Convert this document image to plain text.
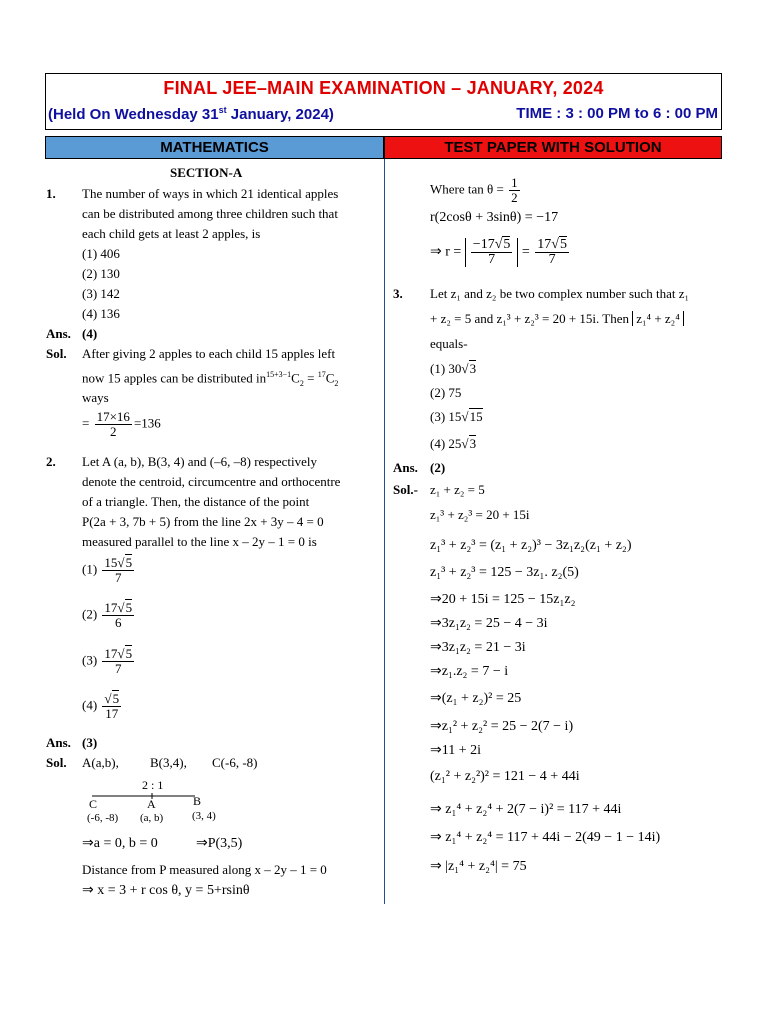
FINAL JEE–MAIN EXAMINATION – JANUARY, 2024
(Held On Wednesday 31st January, 2024)	TIME : 3 : 00 PM to 6 : 00 PM
MATHEMATICS	TEST PAPER WITH SOLUTION
SECTION-A
1. The number of ways in which 21 identical apples
can be distributed among three children such that
each child gets at least 2 apples, is
(1) 406
(2) 130
(3) 142
(4) 136
Ans. (4)
Sol. After giving 2 apples to each child 15 apples left
now 15 apples can be distributed $in^{15+3-1}C_2 = ^{17}C_2$
ways
= $\frac{17\times 16}{2} =136$
2. Let A (a, b), B(3, 4) and (–6, –8) respectively
denote the centroid, circumcentre and orthocentre
of a triangle. Then, the distance of the point
P(2a + 3, 7b + 5) from the line 2x + 3y – 4 = 0
measured parallel to the line x – 2y – 1 = 0 is
$(1) \frac{15√5}{7}$
$(2) \frac{17√5}{6}$
$(3) \frac{17√5}{7}$
$(4) \frac{√5}{17}$
Ans. (3)
Sol. A(a,b), B(3,4), C(-6, -8)
2 : 1
C	A	B
(-6, -8) (a, b)	(3, 4)
⇒a = 0, b = 0	⇒P(3,5)
Distance from P measured along x – 2y – 1 = 0
⇒ x = 3 + r cos θ, y = 5+rsinθ
Where $\tan \theta = \frac{1}{2}$
r(2cosθ + 3sinθ) = −17
⇒ $r = \frac{-17√5}{7} = \frac{17√5}{7}$
3. Let z₁ and z₂ be two complex number such that z₁
+ z₂ = 5 and z₁³ + z₂³ = 20 + 15i. Then z₁⁴ + z₂⁴
equals-
(1) 30√3
(2) 75
(3) 15√15
(4) 25√3
Ans. (2)
Sol.- z₁ + z₂ = 5
z₁³ + z₂³ = 20 + 15i
z₁³ + z₂³ = (z₁ + z₂)³ − 3z₁z₂(z₁ + z₂)
z₁³ + z₂³ = 125 − 3z₁. z₂(5)
⇒20 + 15i = 125 − 15z₁z₂
⇒3z₁z₂ = 25 − 4 − 3i
⇒3z₁z₂ = 21 − 3i
⇒z₁.z₂ = 7 − i
⇒(z₁ + z₂)² = 25
⇒z₁² + z₂² = 25 − 2(7 − i)
⇒11 + 2i
(z₁² + z₂²)² = 121 − 4 + 44i
⇒ z₁⁴ + z₂⁴ + 2(7 − i)² = 117 + 44i
⇒ z₁⁴ + z₂⁴ = 117 + 44i − 2(49 − 1 − 14i)
⇒ |z₁⁴ + z₂⁴| = 75
